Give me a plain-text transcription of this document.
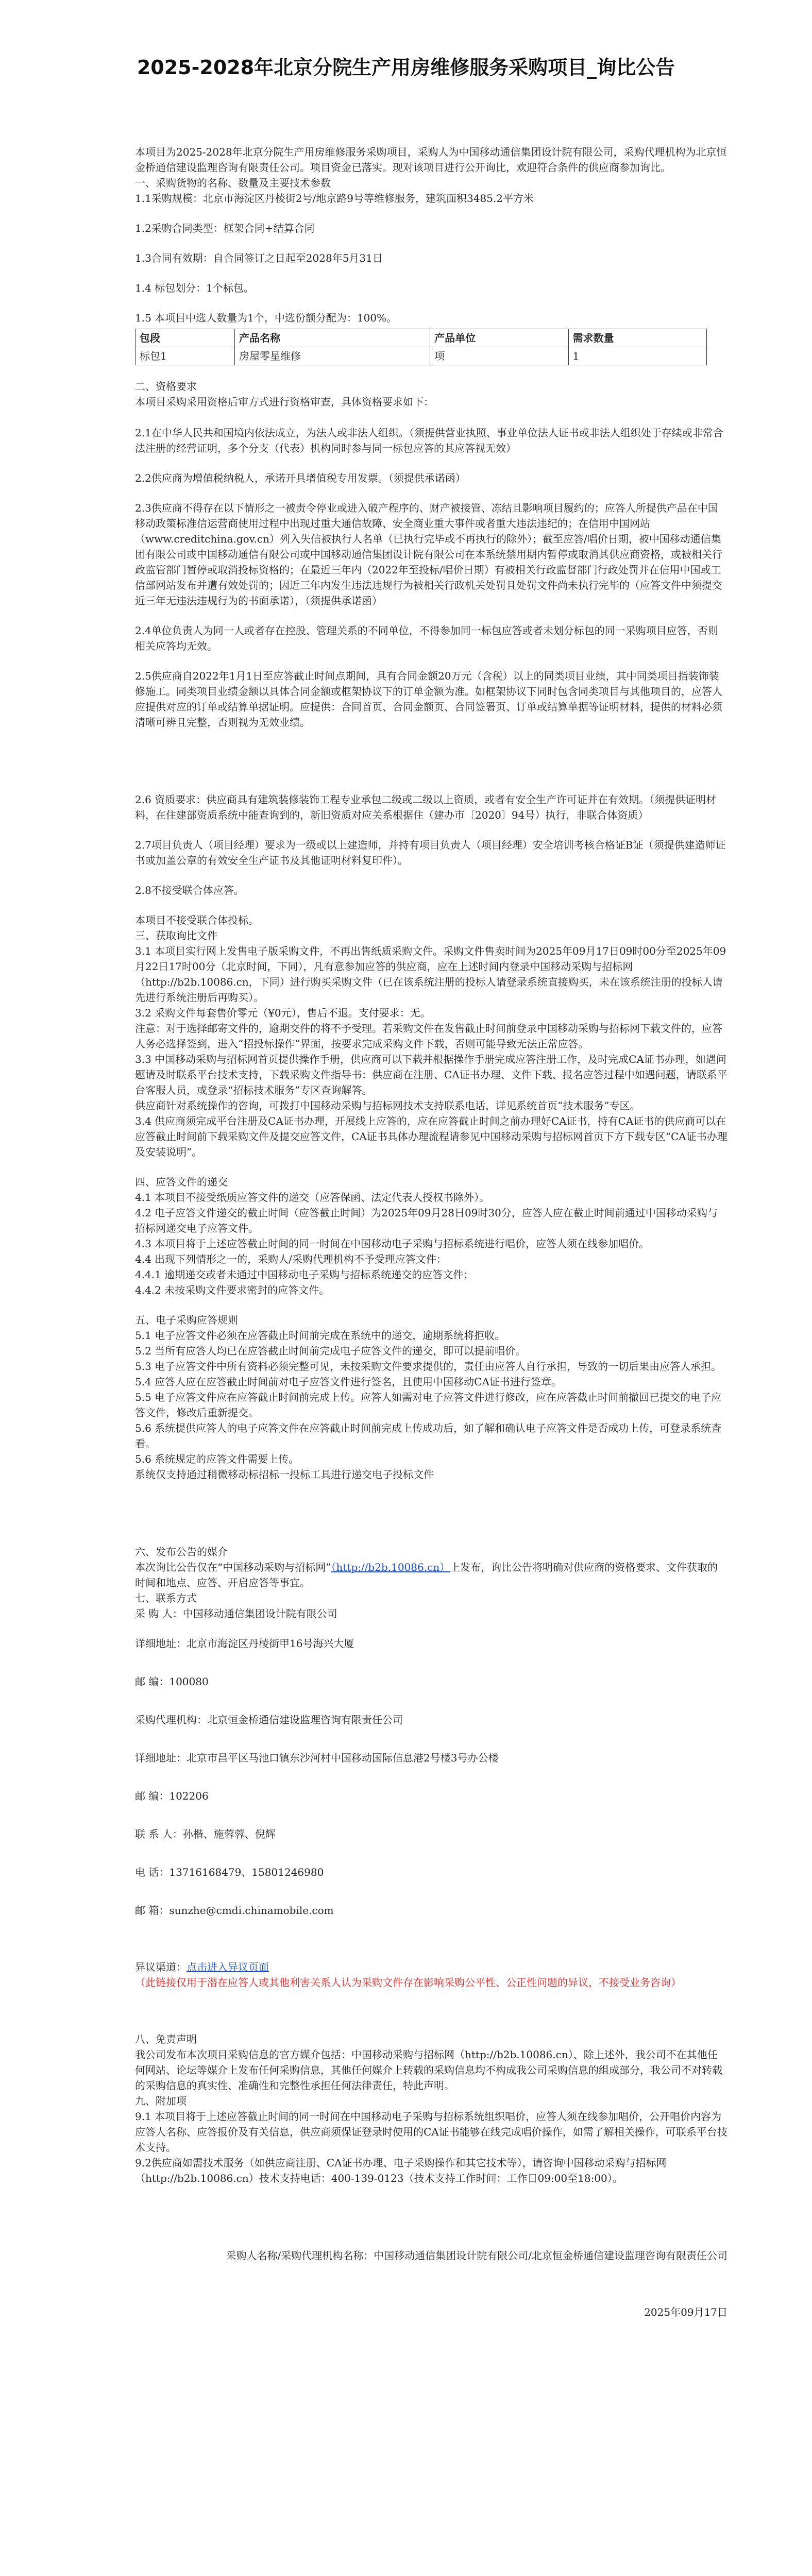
2025-2028年北京分院生产用房维修服务采购项目_询比公告

本项目为2025-2028年北京分院生产用房维修服务采购项目，采购人为中国移动通信集团设计院有限公司，采购代理机构为北京恒金桥通信建设监理咨询有限责任公司。项目资金已落实。现对该项目进行公开询比，欢迎符合条件的供应商参加询比。
一、采购货物的名称、数量及主要技术参数
1.1采购规模：北京市海淀区丹棱街2号/地京路9号等维修服务，建筑面积3485.2平方米

1.2采购合同类型：框架合同+结算合同

1.3合同有效期：自合同签订之日起至2028年5月31日

1.4 标包划分：1个标包。

1.5 本项目中选人数量为1个，中选份额分配为：100%。

包段	产品名称	产品单位	需求数量
标包1	房屋零星维修	项	1

二、资格要求
本项目采购采用资格后审方式进行资格审查，具体资格要求如下：

2.1在中华人民共和国境内依法成立，为法人或非法人组织。（须提供营业执照、事业单位法人证书或非法人组织处于存续或非常合法注册的经营证明，多个分支（代表）机构同时参与同一标包应答的其应答视无效）

2.2供应商为增值税纳税人，承诺开具增值税专用发票。（须提供承诺函）

2.3供应商不得存在以下情形之一被责令停业或进入破产程序的、财产被接管、冻结且影响项目履约的；应答人所提供产品在中国移动政策标准信运营商使用过程中出现过重大通信故障、安全商业重大事件或者重大违法违纪的；在信用中国网站（www.creditchina.gov.cn）列入失信被执行人名单（已执行完毕或不再执行的除外）；截至应答/唱价日期，被中国移动通信集团有限公司或中国移动通信有限公司或中国移动通信集团设计院有限公司在本系统禁用期内暂停或取消其供应商资格，或被相关行政监管部门暂停或取消投标资格的；在最近三年内（2022年至投标/唱价日期）有被相关行政监督部门行政处罚并在信用中国或工信部网站发布并遭有效处罚的；因近三年内发生违法违规行为被相关行政机关处罚且处罚文件尚未执行完毕的（应答文件中须提交近三年无违法违规行为的书面承诺），（须提供承诺函）

2.4单位负责人为同一人或者存在控股、管理关系的不同单位，不得参加同一标包应答或者未划分标包的同一采购项目应答，否则相关应答均无效。

2.5供应商自2022年1月1日至应答截止时间点期间，具有合同金额20万元（含税）以上的同类项目业绩，其中同类项目指装饰装修施工。同类项目业绩金额以具体合同金额或框架协议下的订单金额为准。如框架协议下同时包含同类项目与其他项目的，应答人应提供对应的订单或结算单据证明。应提供：合同首页、合同金额页、合同签署页、订单或结算单据等证明材料，提供的材料必须清晰可辨且完整，否则视为无效业绩。

2.6 资质要求：供应商具有建筑装修装饰工程专业承包二级或二级以上资质，或者有安全生产许可证并在有效期。（须提供证明材料，在住建部资质系统中能查询到的，新旧资质对应关系根据住（建办市〔2020〕94号）执行，非联合体资质）

2.7项目负责人（项目经理）要求为一级或以上建造师，并持有项目负责人（项目经理）安全培训考核合格证B证（须提供建造师证书或加盖公章的有效安全生产证书及其他证明材料复印件）。

2.8不接受联合体应答。

本项目不接受联合体投标。
三、获取询比文件
3.1 本项目实行网上发售电子版采购文件，不再出售纸质采购文件。采购文件售卖时间为2025年09月17日09时00分至2025年09月22日17时00分（北京时间，下同），凡有意参加应答的供应商，应在上述时间内登录中国移动采购与招标网（http://b2b.10086.cn，下同）进行购买采购文件（已在该系统注册的投标人请登录系统直接购买，未在该系统注册的投标人请先进行系统注册后再购买）。
3.2 采购文件每套售价零元（¥0元），售后不退。支付要求：无。
注意：对于选择邮寄文件的，逾期交件的将不予受理。若采购文件在发售截止时间前登录中国移动采购与招标网下载文件的，应答人务必选择签到，进入“招投标操作”界面，按要求完成采购文件下载，否则可能导致无法正常应答。
3.3 中国移动采购与招标网首页提供操作手册，供应商可以下载并根据操作手册完成应答注册工作，及时完成CA证书办理，如遇问题请及时联系平台技术支持，下载采购文件指导书：供应商在注册、CA证书办理、文件下载、报名应答过程中如遇问题，请联系平台客服人员，或登录“招标技术服务”专区查询解答。
供应商针对系统操作的咨询，可拨打中国移动采购与招标网技术支持联系电话，详见系统首页“技术服务”专区。
3.4 供应商须完成平台注册及CA证书办理，开展线上应答的，应在应答截止时间之前办理好CA证书，持有CA证书的供应商可以在应答截止时间前下载采购文件及提交应答文件，CA证书具体办理流程请参见中国移动采购与招标网首页下方下载专区“CA证书办理及安装说明”。

四、应答文件的递交
4.1 本项目不接受纸质应答文件的递交（应答保函、法定代表人授权书除外）。
4.2 电子应答文件递交的截止时间（应答截止时间）为2025年09月28日09时30分，应答人应在截止时间前通过中国移动采购与招标网递交电子应答文件。
4.3 本项目将于上述应答截止时间的同一时间在中国移动电子采购与招标系统进行唱价，应答人须在线参加唱价。
4.4 出现下列情形之一的，采购人/采购代理机构不予受理应答文件：
4.4.1 逾期递交或者未通过中国移动电子采购与招标系统递交的应答文件；
4.4.2 未按采购文件要求密封的应答文件。

五、电子采购应答规则
5.1 电子应答文件必须在应答截止时间前完成在系统中的递交，逾期系统将拒收。
5.2 当所有应答人均已在应答截止时间前完成电子应答文件的递交，即可以提前唱价。
5.3 电子应答文件中所有资料必须完整可见，未按采购文件要求提供的，责任由应答人自行承担，导致的一切后果由应答人承担。
5.4 应答人应在应答截止时间前对电子应答文件进行签名，且使用中国移动CA证书进行签章。
5.5 电子应答文件应在应答截止时间前完成上传。应答人如需对电子应答文件进行修改，应在应答截止时间前撤回已提交的电子应答文件，修改后重新提交。
5.6 系统提供应答人的电子应答文件在应答截止时间前完成上传成功后，如了解和确认电子应答文件是否成功上传，可登录系统查看。
5.6 系统规定的应答文件需要上传。

系统仅支持通过稍微移动标招标一投标工具进行递交电子投标文件

六、发布公告的媒介

本次询比公告仅在“中国移动采购与招标网”（http://b2b.10086.cn）上发布，询比公告将明确对供应商的资格要求、文件获取的时间和地点、应答、开启应答等事宜。

七、联系方式

采 购 人：中国移动通信集团设计院有限公司

详细地址：北京市海淀区丹棱街甲16号海兴大厦

邮 编：100080

采购代理机构：北京恒金桥通信建设监理咨询有限责任公司

详细地址：北京市昌平区马池口镇东沙河村中国移动国际信息港2号楼3号办公楼

邮 编：102206

联 系 人：孙楷、施蓉蓉、倪辉

电 话：13716168479、15801246980

邮 箱：sunzhe@cmdi.chinamobile.com

异议渠道：点击进入异议页面

（此链接仅用于潜在应答人或其他利害关系人认为采购文件存在影响采购公平性、公正性问题的异议，不接受业务咨询）

八、免责声明
我公司发布本次项目采购信息的官方媒介包括：中国移动采购与招标网（http://b2b.10086.cn）、除上述外，我公司不在其他任何网站、论坛等媒介上发布任何采购信息，其他任何媒介上转载的采购信息均不构成我公司采购信息的组成部分，我公司不对转载的采购信息的真实性、准确性和完整性承担任何法律责任，特此声明。
九、附加项
9.1 本项目将于上述应答截止时间的同一时间在中国移动电子采购与招标系统组织唱价，应答人须在线参加唱价，公开唱价内容为应答人名称、应答报价及有关信息，供应商须保证登录时使用的CA证书能够在线完成唱价操作，如需了解相关操作，可联系平台技术支持。
9.2供应商如需技术服务（如供应商注册、CA证书办理、电子采购操作和其它技术等），请咨询中国移动采购与招标网（http://b2b.10086.cn）技术支持电话：400-139-0123（技术支持工作时间：工作日09:00至18:00）。

采购人名称/采购代理机构名称：中国移动通信集团设计院有限公司/北京恒金桥通信建设监理咨询有限责任公司

2025年09月17日
